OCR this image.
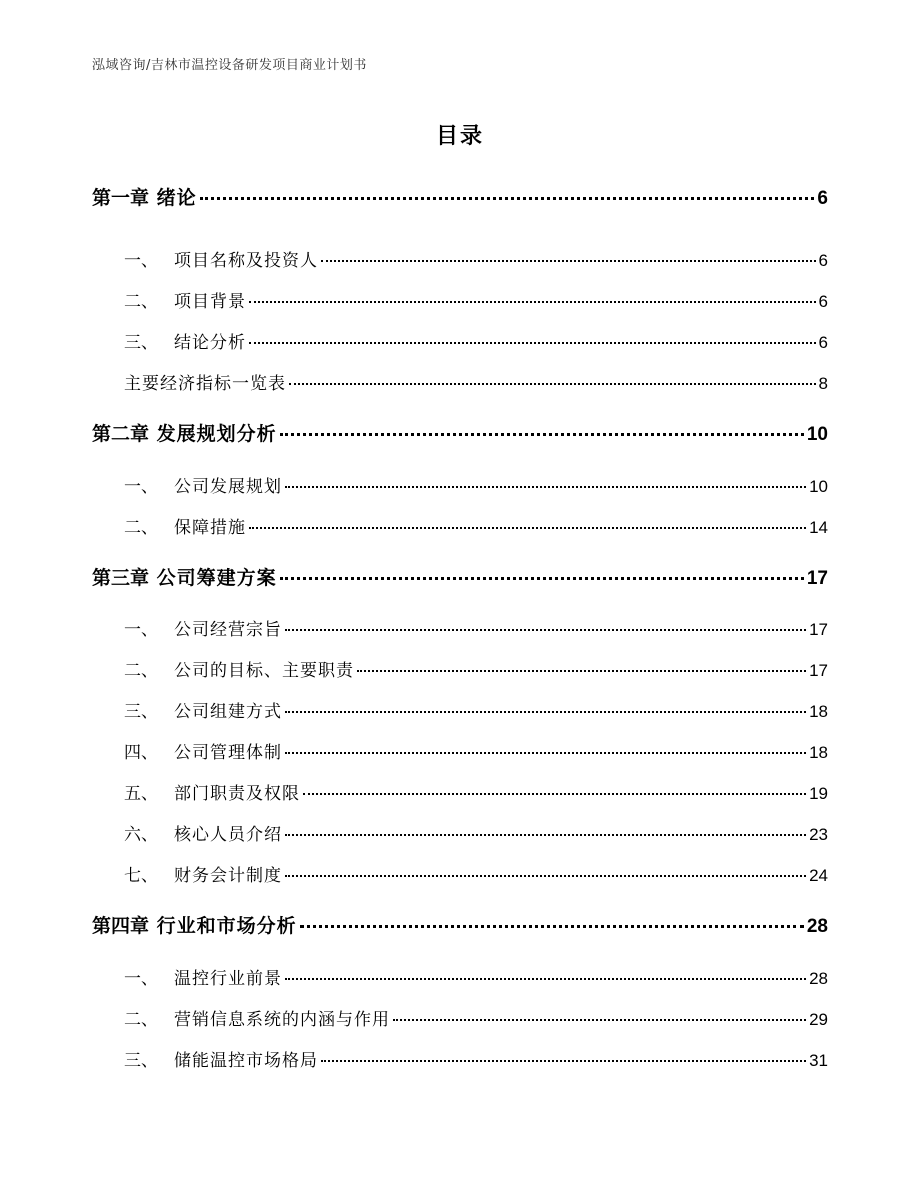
泓域咨询/吉林市温控设备研发项目商业计划书
目录
第一章 绪论	6
一、 项目名称及投资人	6
二、 项目背景	6
三、 结论分析	6
主要经济指标一览表	8
第二章 发展规划分析	10
一、 公司发展规划	10
二、 保障措施	14
第三章 公司筹建方案	17
一、 公司经营宗旨	17
二、 公司的目标、主要职责	17
三、 公司组建方式	18
四、 公司管理体制	18
五、 部门职责及权限	19
六、 核心人员介绍	23
七、 财务会计制度	24
第四章 行业和市场分析	28
一、 温控行业前景	28
二、 营销信息系统的内涵与作用	29
三、 储能温控市场格局	31
